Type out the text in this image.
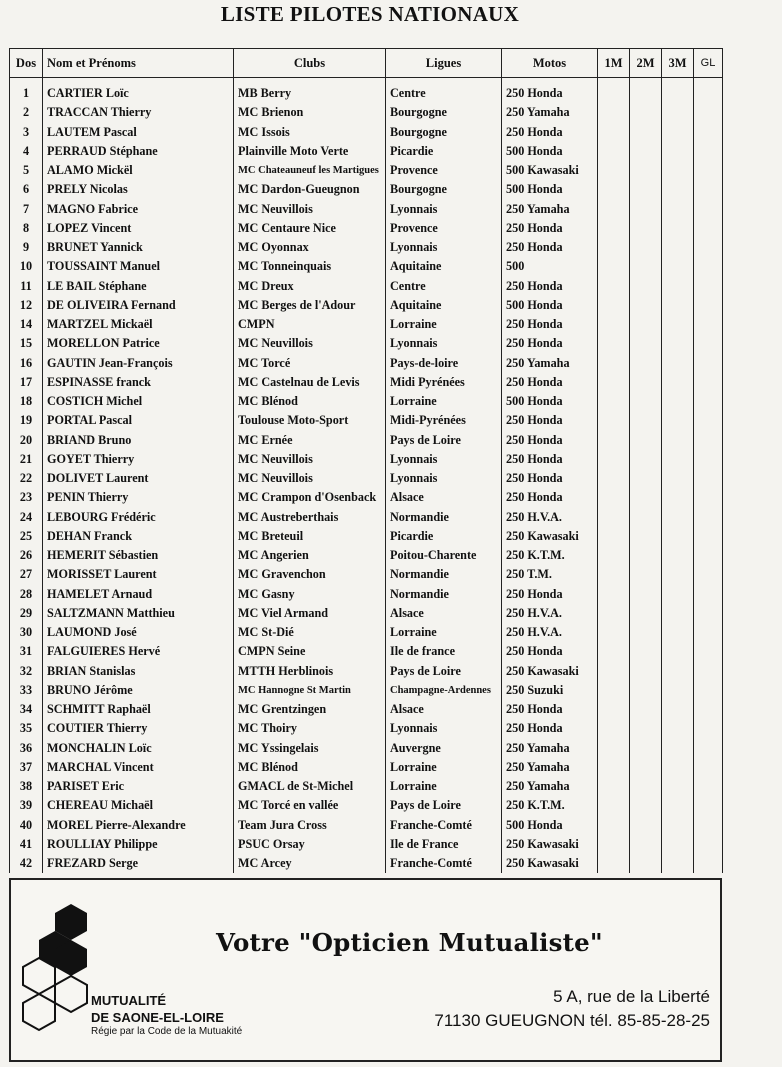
LISTE PILOTES NATIONAUX
Dos	Nom et Prénoms	Clubs	Ligues	Motos	1M	2M	3M	GL
1	CARTIER Loïc	MB Berry	Centre	250 Honda				
2	TRACCAN Thierry	MC Brienon	Bourgogne	250 Yamaha				
3	LAUTEM Pascal	MC Issois	Bourgogne	250 Honda				
4	PERRAUD Stéphane	Plainville Moto Verte	Picardie	500 Honda				
5	ALAMO Mickël	MC Chateauneuf les Martigues	Provence	500 Kawasaki				
6	PRELY Nicolas	MC Dardon-Gueugnon	Bourgogne	500 Honda				
7	MAGNO Fabrice	MC Neuvillois	Lyonnais	250 Yamaha				
8	LOPEZ Vincent	MC Centaure Nice	Provence	250 Honda				
9	BRUNET Yannick	MC Oyonnax	Lyonnais	250 Honda				
10	TOUSSAINT Manuel	MC Tonneinquais	Aquitaine	500				
11	LE BAIL Stéphane	MC Dreux	Centre	250 Honda				
12	DE OLIVEIRA Fernand	MC Berges de l'Adour	Aquitaine	500 Honda				
14	MARTZEL Mickaël	CMPN	Lorraine	250 Honda				
15	MORELLON Patrice	MC Neuvillois	Lyonnais	250 Honda				
16	GAUTIN Jean-François	MC Torcé	Pays-de-loire	250 Yamaha				
17	ESPINASSE franck	MC Castelnau de Levis	Midi Pyrénées	250 Honda				
18	COSTICH Michel	MC Blénod	Lorraine	500 Honda				
19	PORTAL Pascal	Toulouse Moto-Sport	Midi-Pyrénées	250 Honda				
20	BRIAND Bruno	MC Ernée	Pays de Loire	250 Honda				
21	GOYET Thierry	MC Neuvillois	Lyonnais	250 Honda				
22	DOLIVET Laurent	MC Neuvillois	Lyonnais	250 Honda				
23	PENIN Thierry	MC Crampon d'Osenback	Alsace	250 Honda				
24	LEBOURG Frédéric	MC Austreberthais	Normandie	250 H.V.A.				
25	DEHAN Franck	MC Breteuil	Picardie	250 Kawasaki				
26	HEMERIT Sébastien	MC Angerien	Poitou-Charente	250 K.T.M.				
27	MORISSET Laurent	MC Gravenchon	Normandie	250 T.M.				
28	HAMELET Arnaud	MC Gasny	Normandie	250 Honda				
29	SALTZMANN Matthieu	MC Viel Armand	Alsace	250 H.V.A.				
30	LAUMOND José	MC St-Dié	Lorraine	250 H.V.A.				
31	FALGUIERES Hervé	CMPN Seine	Ile de france	250 Honda				
32	BRIAN Stanislas	MTTH Herblinois	Pays de Loire	250 Kawasaki				
33	BRUNO Jérôme	MC Hannogne St Martin	Champagne-Ardennes	250 Suzuki				
34	SCHMITT Raphaël	MC Grentzingen	Alsace	250 Honda				
35	COUTIER Thierry	MC Thoiry	Lyonnais	250 Honda				
36	MONCHALIN Loïc	MC Yssingelais	Auvergne	250 Yamaha				
37	MARCHAL Vincent	MC Blénod	Lorraine	250 Yamaha				
38	PARISET Eric	GMACL de St-Michel	Lorraine	250 Yamaha				
39	CHEREAU Michaël	MC Torcé en vallée	Pays de Loire	250 K.T.M.				
40	MOREL Pierre-Alexandre	Team Jura Cross	Franche-Comté	500 Honda				
41	ROULLIAY Philippe	PSUC Orsay	Ile de France	250 Kawasaki				
42	FREZARD Serge	MC Arcey	Franche-Comté	250 Kawasaki				
Votre "Opticien Mutualiste"
MUTUALITÉ
DE SAONE-EL-LOIRE
Régie par la Code de la Mutuakité
5 A, rue de la Liberté
71130 GUEUGNON tél. 85-85-28-25
